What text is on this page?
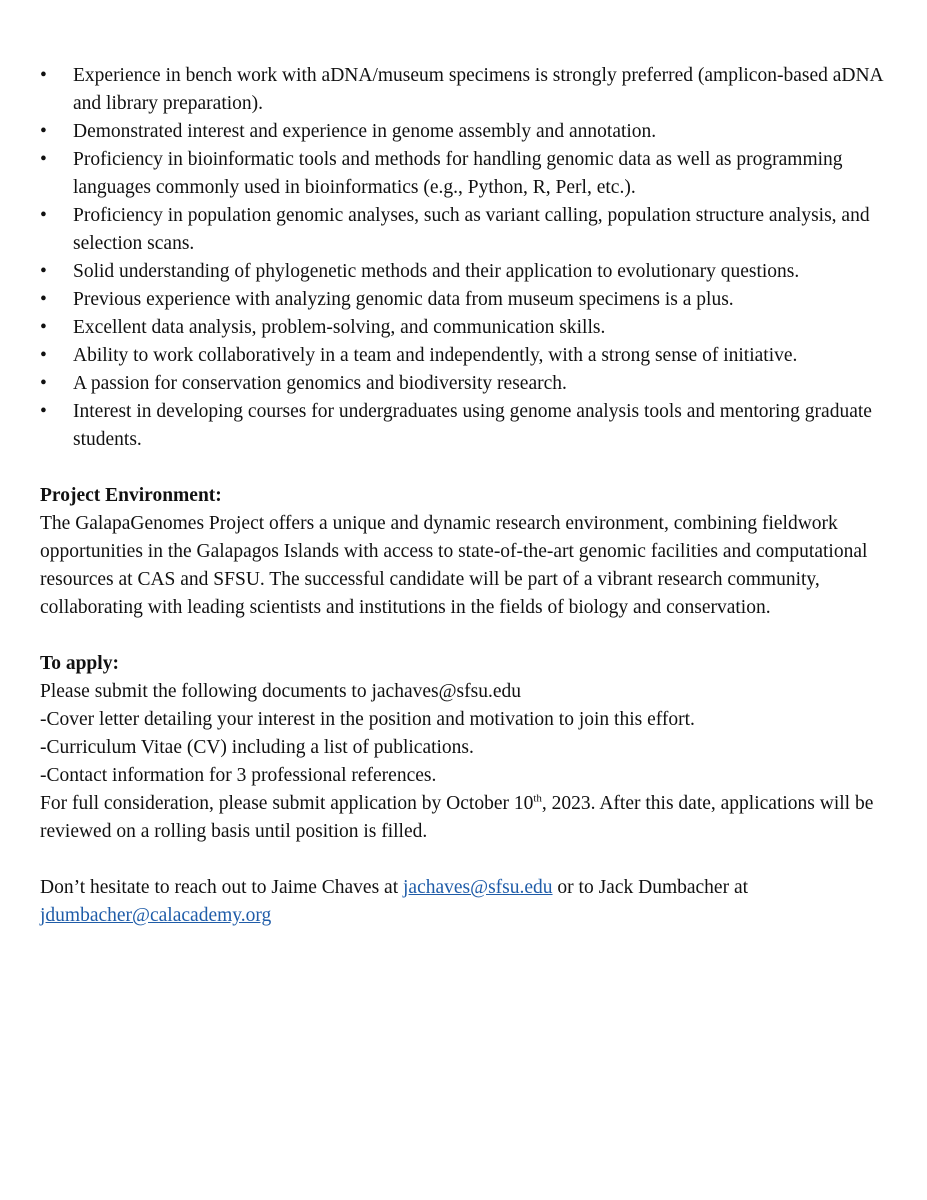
• Experience in bench work with aDNA/museum specimens is strongly preferred (amplicon-based aDNA and library preparation).
• Demonstrated interest and experience in genome assembly and annotation.
• Proficiency in bioinformatic tools and methods for handling genomic data as well as programming languages commonly used in bioinformatics (e.g., Python, R, Perl, etc.).
• Proficiency in population genomic analyses, such as variant calling, population structure analysis, and selection scans.
• Solid understanding of phylogenetic methods and their application to evolutionary questions.
• Previous experience with analyzing genomic data from museum specimens is a plus.
• Excellent data analysis, problem-solving, and communication skills.
• Ability to work collaboratively in a team and independently, with a strong sense of initiative.
• A passion for conservation genomics and biodiversity research.
• Interest in developing courses for undergraduates using genome analysis tools and mentoring graduate students.

Project Environment:

The GalapaGenomes Project offers a unique and dynamic research environment, combining fieldwork opportunities in the Galapagos Islands with access to state-of-the-art genomic facilities and computational resources at CAS and SFSU. The successful candidate will be part of a vibrant research community, collaborating with leading scientists and institutions in the fields of biology and conservation.

To apply:

Please submit the following documents to jachaves@sfsu.edu
-Cover letter detailing your interest in the position and motivation to join this effort.
-Curriculum Vitae (CV) including a list of publications.
-Contact information for 3 professional references.

For full consideration, please submit application by October 10th, 2023. After this date, applications will be reviewed on a rolling basis until position is filled.

Don’t hesitate to reach out to Jaime Chaves at jachaves@sfsu.edu or to Jack Dumbacher at jdumbacher@calacademy.org
